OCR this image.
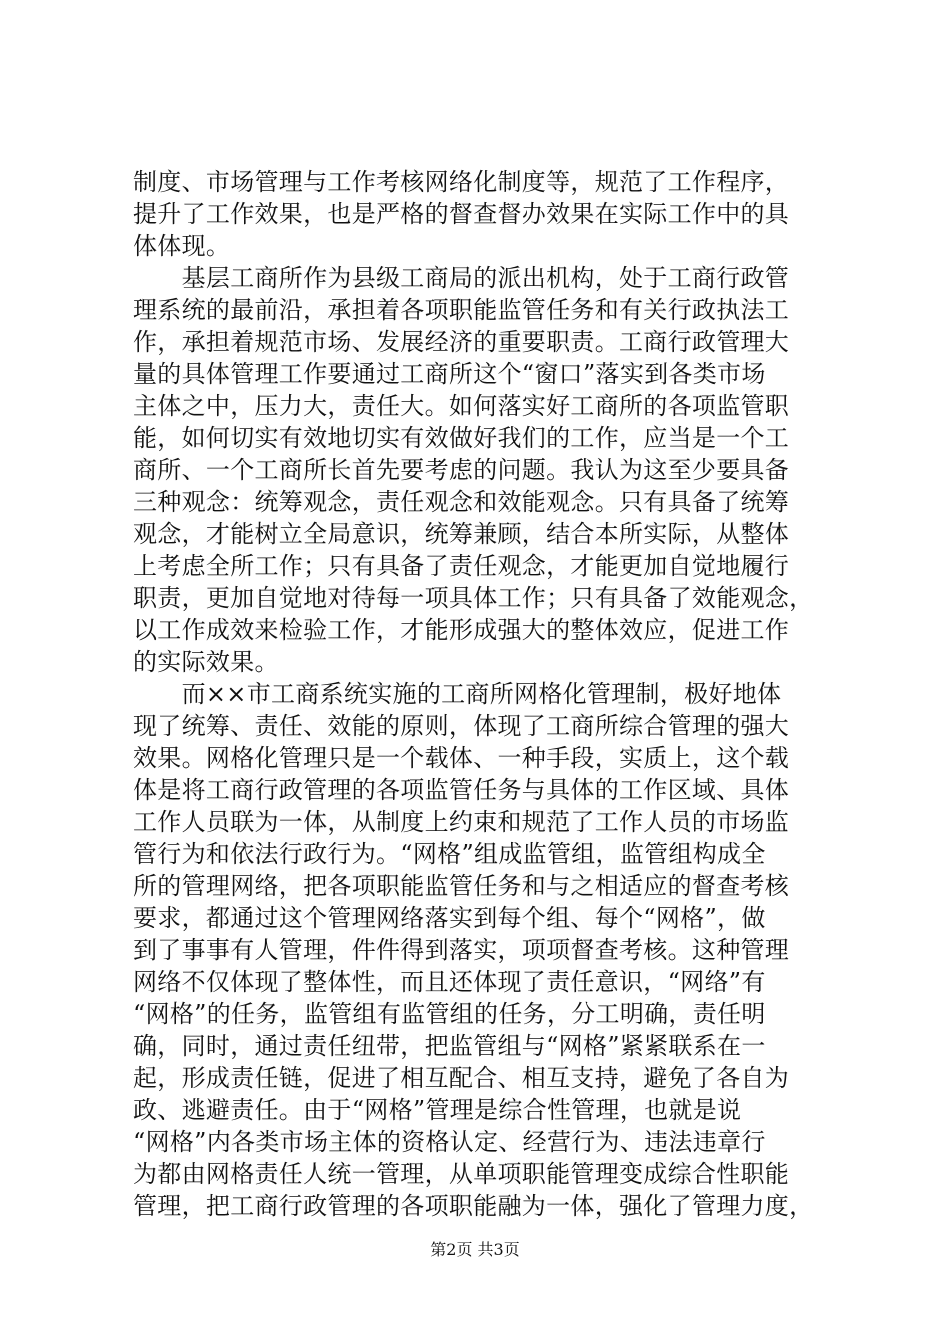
制度、市场管理与工作考核网络化制度等，规范了工作程序，
提升了工作效果，也是严格的督查督办效果在实际工作中的具
体体现。
　　基层工商所作为县级工商局的派出机构，处于工商行政管
理系统的最前沿，承担着各项职能监管任务和有关行政执法工
作，承担着规范市场、发展经济的重要职责。工商行政管理大
量的具体管理工作要通过工商所这个“窗口”落实到各类市场
主体之中，压力大，责任大。如何落实好工商所的各项监管职
能，如何切实有效地切实有效做好我们的工作，应当是一个工
商所、一个工商所长首先要考虑的问题。我认为这至少要具备
三种观念：统筹观念，责任观念和效能观念。只有具备了统筹
观念，才能树立全局意识，统筹兼顾，结合本所实际，从整体
上考虑全所工作；只有具备了责任观念，才能更加自觉地履行
职责，更加自觉地对待每一项具体工作；只有具备了效能观念，
以工作成效来检验工作，才能形成强大的整体效应，促进工作
的实际效果。
　　而××市工商系统实施的工商所网格化管理制，极好地体
现了统筹、责任、效能的原则，体现了工商所综合管理的强大
效果。网格化管理只是一个载体、一种手段，实质上，这个载
体是将工商行政管理的各项监管任务与具体的工作区域、具体
工作人员联为一体，从制度上约束和规范了工作人员的市场监
管行为和依法行政行为。“网格”组成监管组，监管组构成全
所的管理网络，把各项职能监管任务和与之相适应的督查考核
要求，都通过这个管理网络落实到每个组、每个“网格”，做
到了事事有人管理，件件得到落实，项项督查考核。这种管理
网络不仅体现了整体性，而且还体现了责任意识，“网络”有
“网格”的任务，监管组有监管组的任务，分工明确，责任明
确，同时，通过责任纽带，把监管组与“网格”紧紧联系在一
起，形成责任链，促进了相互配合、相互支持，避免了各自为
政、逃避责任。由于“网格”管理是综合性管理，也就是说
“网格”内各类市场主体的资格认定、经营行为、违法违章行
为都由网格责任人统一管理，从单项职能管理变成综合性职能
管理，把工商行政管理的各项职能融为一体，强化了管理力度，
第2页 共3页
